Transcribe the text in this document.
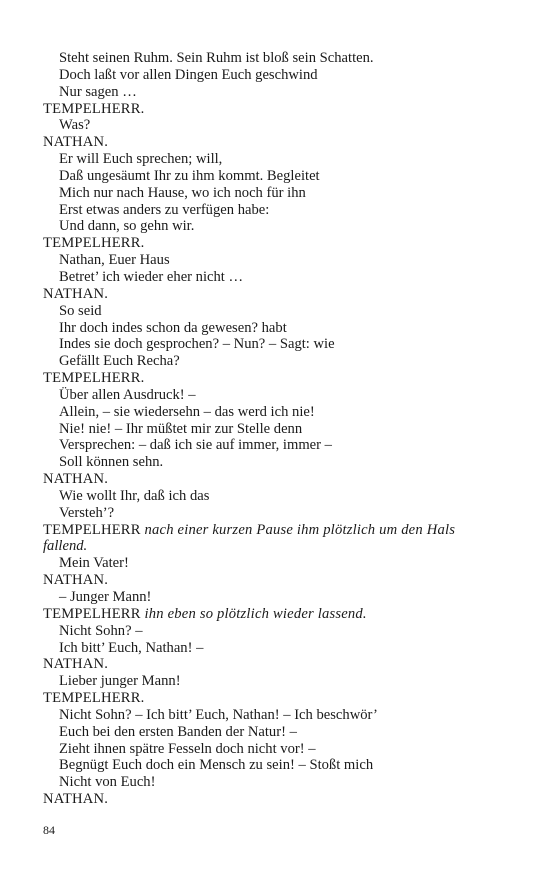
Steht seinen Ruhm. Sein Ruhm ist bloß sein Schatten.
Doch laßt vor allen Dingen Euch geschwind
Nur sagen …
TEMPELHERR.
Was?
NATHAN.
Er will Euch sprechen; will,
Daß ungesäumt Ihr zu ihm kommt. Begleitet
Mich nur nach Hause, wo ich noch für ihn
Erst etwas anders zu verfügen habe:
Und dann, so gehn wir.
TEMPELHERR.
Nathan, Euer Haus
Betret’ ich wieder eher nicht …
NATHAN.
So seid
Ihr doch indes schon da gewesen? habt
Indes sie doch gesprochen? – Nun? – Sagt: wie
Gefällt Euch Recha?
TEMPELHERR.
Über allen Ausdruck! –
Allein, – sie wiedersehn – das werd ich nie!
Nie! nie! – Ihr müßtet mir zur Stelle denn
Versprechen: – daß ich sie auf immer, immer –
Soll können sehn.
NATHAN.
Wie wollt Ihr, daß ich das
Versteh’?
TEMPELHERR nach einer kurzen Pause ihm plötzlich um den Hals
fallend.
Mein Vater!
NATHAN.
– Junger Mann!
TEMPELHERR ihn eben so plötzlich wieder lassend.
Nicht Sohn? –
Ich bitt’ Euch, Nathan! –
NATHAN.
Lieber junger Mann!
TEMPELHERR.
Nicht Sohn? – Ich bitt’ Euch, Nathan! – Ich beschwör’
Euch bei den ersten Banden der Natur! –
Zieht ihnen spätre Fesseln doch nicht vor! –
Begnügt Euch doch ein Mensch zu sein! – Stoßt mich
Nicht von Euch!
NATHAN.
84
